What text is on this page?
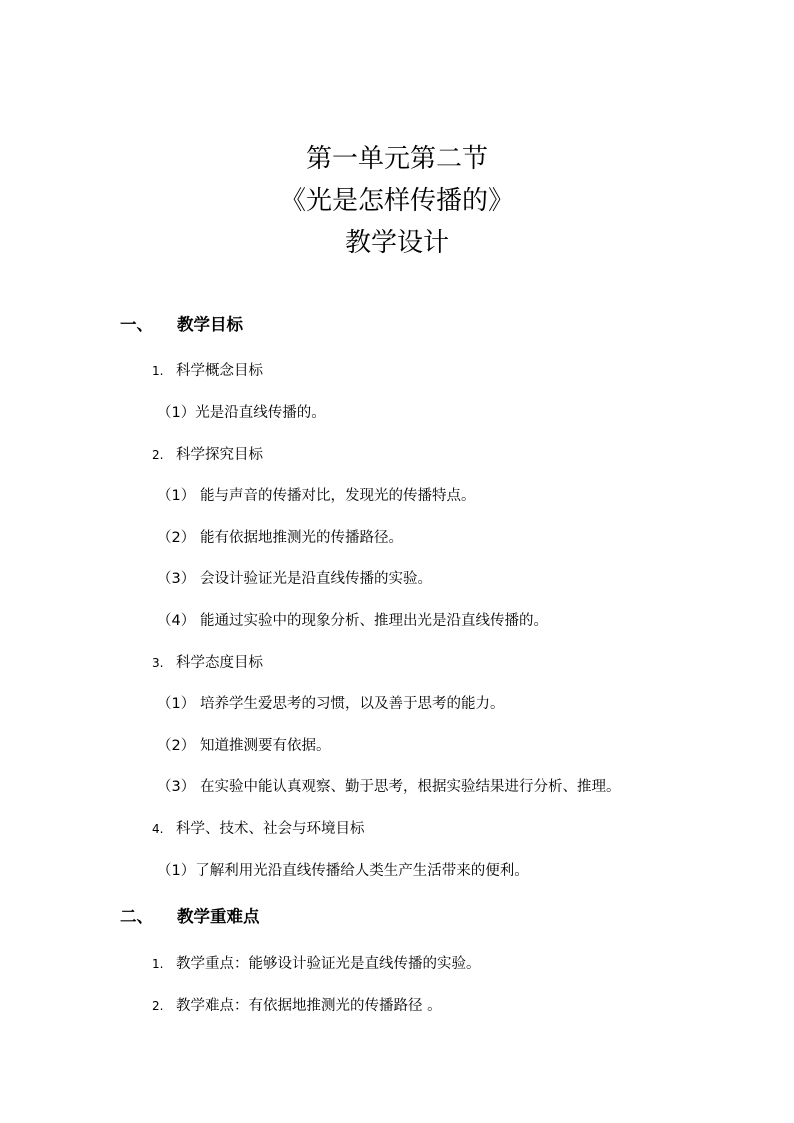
第一单元第二节
《光是怎样传播的》
教学设计
一、 教学目标
1. 科学概念目标
（1）光是沿直线传播的。
2. 科学探究目标
（1） 能与声音的传播对比，发现光的传播特点。
（2） 能有依据地推测光的传播路径。
（3） 会设计验证光是沿直线传播的实验。
（4） 能通过实验中的现象分析、推理出光是沿直线传播的。
3. 科学态度目标
（1） 培养学生爱思考的习惯，以及善于思考的能力。
（2） 知道推测要有依据。
（3） 在实验中能认真观察、勤于思考，根据实验结果进行分析、推理。
4. 科学、技术、社会与环境目标
（1）了解利用光沿直线传播给人类生产生活带来的便利。
二、 教学重难点
1. 教学重点：能够设计验证光是直线传播的实验。
2. 教学难点：有依据地推测光的传播路径 。
